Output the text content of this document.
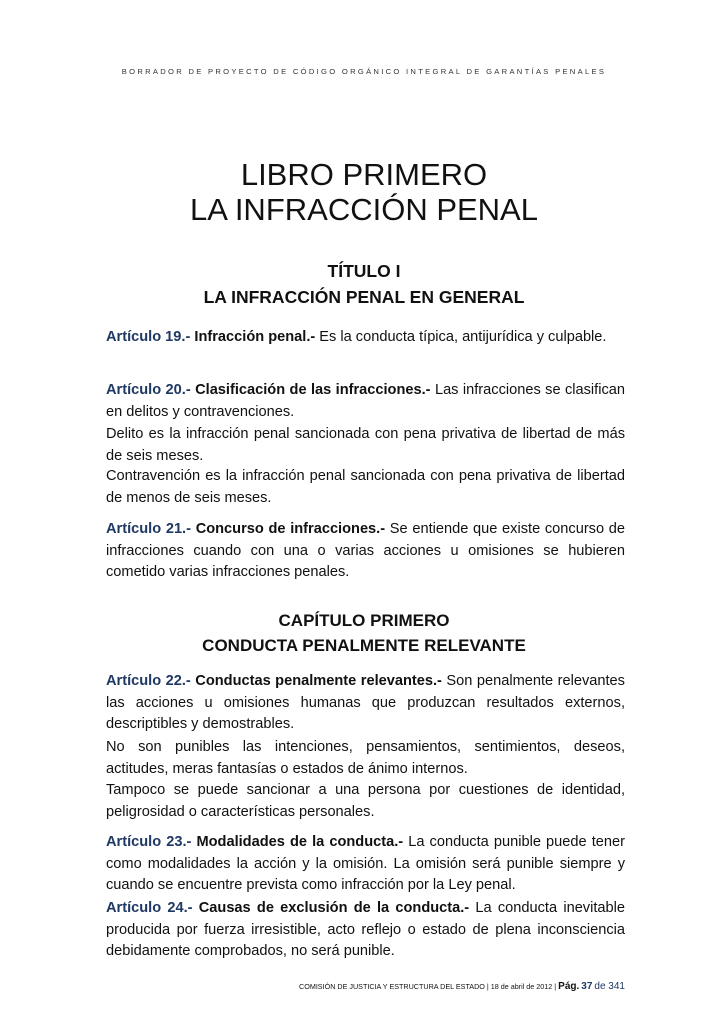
BORRADOR DE PROYECTO DE CÓDIGO ORGÁNICO INTEGRAL DE GARANTÍAS PENALES
LIBRO PRIMERO
LA INFRACCIÓN PENAL
TÍTULO I
LA INFRACCIÓN PENAL EN GENERAL

Artículo 19.- Infracción penal.- Es la conducta típica, antijurídica y culpable.

Artículo 20.- Clasificación de las infracciones.- Las infracciones se clasifican en delitos y contravenciones.

Delito es la infracción penal sancionada con pena privativa de libertad de más de seis meses.

Contravención es la infracción penal sancionada con pena privativa de libertad de menos de seis meses.

Artículo 21.- Concurso de infracciones.- Se entiende que existe concurso de infracciones cuando con una o varias acciones u omisiones se hubieren cometido varias infracciones penales.

CAPÍTULO PRIMERO
CONDUCTA PENALMENTE RELEVANTE

Artículo 22.- Conductas penalmente relevantes.- Son penalmente relevantes las acciones u omisiones humanas que produzcan resultados externos, descriptibles y demostrables.

No son punibles las intenciones, pensamientos, sentimientos, deseos, actitudes, meras fantasías o estados de ánimo internos.

Tampoco se puede sancionar a una persona por cuestiones de identidad, peligrosidad o características personales.

Artículo 23.- Modalidades de la conducta.- La conducta punible puede tener como modalidades la acción y la omisión. La omisión será punible siempre y cuando se encuentre prevista como infracción por la Ley penal.

Artículo 24.- Causas de exclusión de la conducta.- La conducta inevitable producida por fuerza irresistible, acto reflejo o estado de plena inconsciencia debidamente comprobados, no será punible.

COMISIÓN DE JUSTICIA Y ESTRUCTURA DEL ESTADO | 18 de abril de 2012 | Pág. 37 de 341
